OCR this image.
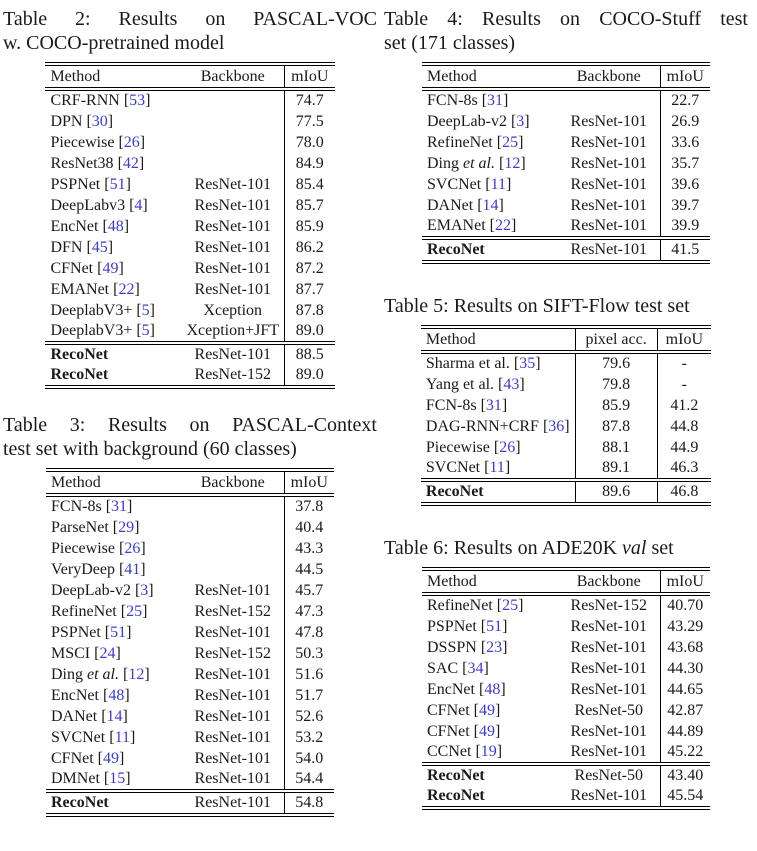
Table 2: Results on PASCAL-VOC
w. COCO-pretrained model
Method	Backbone	mIoU
CRF-RNN [53]		74.7
DPN [30]		77.5
Piecewise [26]		78.0
ResNet38 [42]		84.9
PSPNet [51]	ResNet-101	85.4
DeepLabv3 [4]	ResNet-101	85.7
EncNet [48]	ResNet-101	85.9
DFN [45]	ResNet-101	86.2
CFNet [49]	ResNet-101	87.2
EMANet [22]	ResNet-101	87.7
DeeplabV3+ [5]	Xception	87.8
DeeplabV3+ [5]	Xception+JFT	89.0
RecoNet	ResNet-101	88.5
RecoNet	ResNet-152	89.0
Table 3: Results on PASCAL-Context
test set with background (60 classes)
Method	Backbone	mIoU
FCN-8s [31]		37.8
ParseNet [29]		40.4
Piecewise [26]		43.3
VeryDeep [41]		44.5
DeepLab-v2 [3]	ResNet-101	45.7
RefineNet [25]	ResNet-152	47.3
PSPNet [51]	ResNet-101	47.8
MSCI [24]	ResNet-152	50.3
Ding et al. [12]	ResNet-101	51.6
EncNet [48]	ResNet-101	51.7
DANet [14]	ResNet-101	52.6
SVCNet [11]	ResNet-101	53.2
CFNet [49]	ResNet-101	54.0
DMNet [15]	ResNet-101	54.4
RecoNet	ResNet-101	54.8
Table 4: Results on COCO-Stuff test
set (171 classes)
Method	Backbone	mIoU
FCN-8s [31]		22.7
DeepLab-v2 [3]	ResNet-101	26.9
RefineNet [25]	ResNet-101	33.6
Ding et al. [12]	ResNet-101	35.7
SVCNet [11]	ResNet-101	39.6
DANet [14]	ResNet-101	39.7
EMANet [22]	ResNet-101	39.9
RecoNet	ResNet-101	41.5
Table 5: Results on SIFT-Flow test set
Method	pixel acc.	mIoU
Sharma et al. [35]	79.6	-
Yang et al. [43]	79.8	-
FCN-8s [31]	85.9	41.2
DAG-RNN+CRF [36]	87.8	44.8
Piecewise [26]	88.1	44.9
SVCNet [11]	89.1	46.3
RecoNet	89.6	46.8
Table 6: Results on ADE20K val set
Method	Backbone	mIoU
RefineNet [25]	ResNet-152	40.70
PSPNet [51]	ResNet-101	43.29
DSSPN [23]	ResNet-101	43.68
SAC [34]	ResNet-101	44.30
EncNet [48]	ResNet-101	44.65
CFNet [49]	ResNet-50	42.87
CFNet [49]	ResNet-101	44.89
CCNet [19]	ResNet-101	45.22
RecoNet	ResNet-50	43.40
RecoNet	ResNet-101	45.54
